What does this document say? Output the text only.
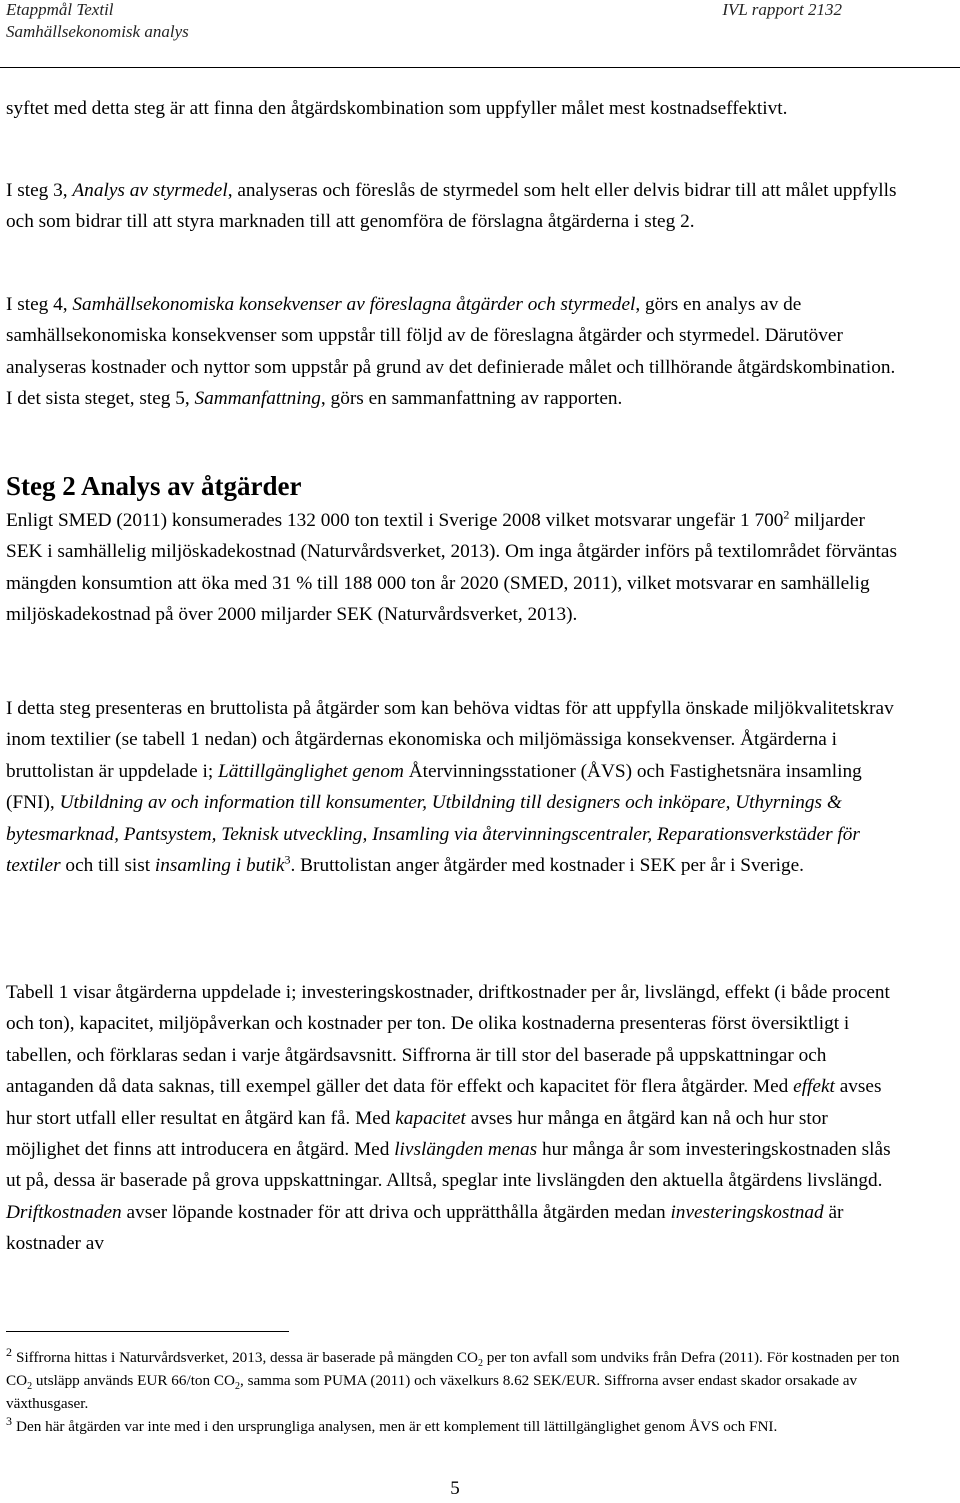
Etappmål Textil
Samhällsekonomisk analys
IVL rapport 2132

syftet med detta steg är att finna den åtgärdskombination som uppfyller målet mest kostnadseffektivt.

I steg 3, Analys av styrmedel, analyseras och föreslås de styrmedel som helt eller delvis bidrar till att målet uppfylls och som bidrar till att styra marknaden till att genomföra de förslagna åtgärderna i steg 2.

I steg 4, Samhällsekonomiska konsekvenser av föreslagna åtgärder och styrmedel, görs en analys av de samhällsekonomiska konsekvenser som uppstår till följd av de föreslagna åtgärder och styrmedel. Därutöver analyseras kostnader och nyttor som uppstår på grund av det definierade målet och tillhörande åtgärdskombination. I det sista steget, steg 5, Sammanfattning, görs en sammanfattning av rapporten.

Steg 2 Analys av åtgärder

Enligt SMED (2011) konsumerades 132 000 ton textil i Sverige 2008 vilket motsvarar ungefär 1 $700^2$ miljarder SEK i samhällelig miljöskadekostnad (Naturvårdsverket, 2013). Om inga åtgärder införs på textilområdet förväntas mängden konsumtion att öka med 31 % till 188 000 ton år 2020 (SMED, 2011), vilket motsvarar en samhällelig miljöskadekostnad på över 2000 miljarder SEK (Naturvårdsverket, 2013).

I detta steg presenteras en bruttolista på åtgärder som kan behöva vidtas för att uppfylla önskade miljökvalitetskrav inom textilier (se tabell 1 nedan) och åtgärdernas ekonomiska och miljömässiga konsekvenser. Åtgärderna i bruttolistan är uppdelade i; Lättillgänglighet genom Återvinningsstationer (ÅVS) och Fastighetsnära insamling (FNI), Utbildning av och information till konsumenter, Utbildning till designers och inköpare, Uthyrnings & bytesmarknad, Pantsystem, Teknisk utveckling, Insamling via återvinningscentraler, Reparationsverkstäder för textiler och till sist insamling i butik$^3$. Bruttolistan anger åtgärder med kostnader i SEK per år i Sverige.

Tabell 1 visar åtgärderna uppdelade i; investeringskostnader, driftkostnader per år, livslängd, effekt (i både procent och ton), kapacitet, miljöpåverkan och kostnader per ton. De olika kostnaderna presenteras först översiktligt i tabellen, och förklaras sedan i varje åtgärdsavsnitt. Siffrorna är till stor del baserade på uppskattningar och antaganden då data saknas, till exempel gäller det data för effekt och kapacitet för flera åtgärder. Med effekt avses hur stort utfall eller resultat en åtgärd kan få. Med kapacitet avses hur många en åtgärd kan nå och hur stor möjlighet det finns att introducera en åtgärd. Med livslängden menas hur många år som investeringskostnaden slås ut på, dessa är baserade på grova uppskattningar. Alltså, speglar inte livslängden den aktuella åtgärdens livslängd. Driftkostnaden avser löpande kostnader för att driva och upprätthålla åtgärden medan investeringskostnad är kostnader av

$^2$ Siffrorna hittas i Naturvårdsverket, 2013, dessa är baserade på mängden $CO_2$ per ton avfall som undviks från Defra (2011). För kostnaden per ton $CO_2$ utsläpp används EUR 66/ton $CO_2$, samma som PUMA (2011) och växelkurs 8.62 SEK/EUR. Siffrorna avser endast skador orsakade av växthusgaser.

$^3$ Den här åtgärden var inte med i den ursprungliga analysen, men är ett komplement till lättillgänglighet genom ÅVS och FNI.

5
